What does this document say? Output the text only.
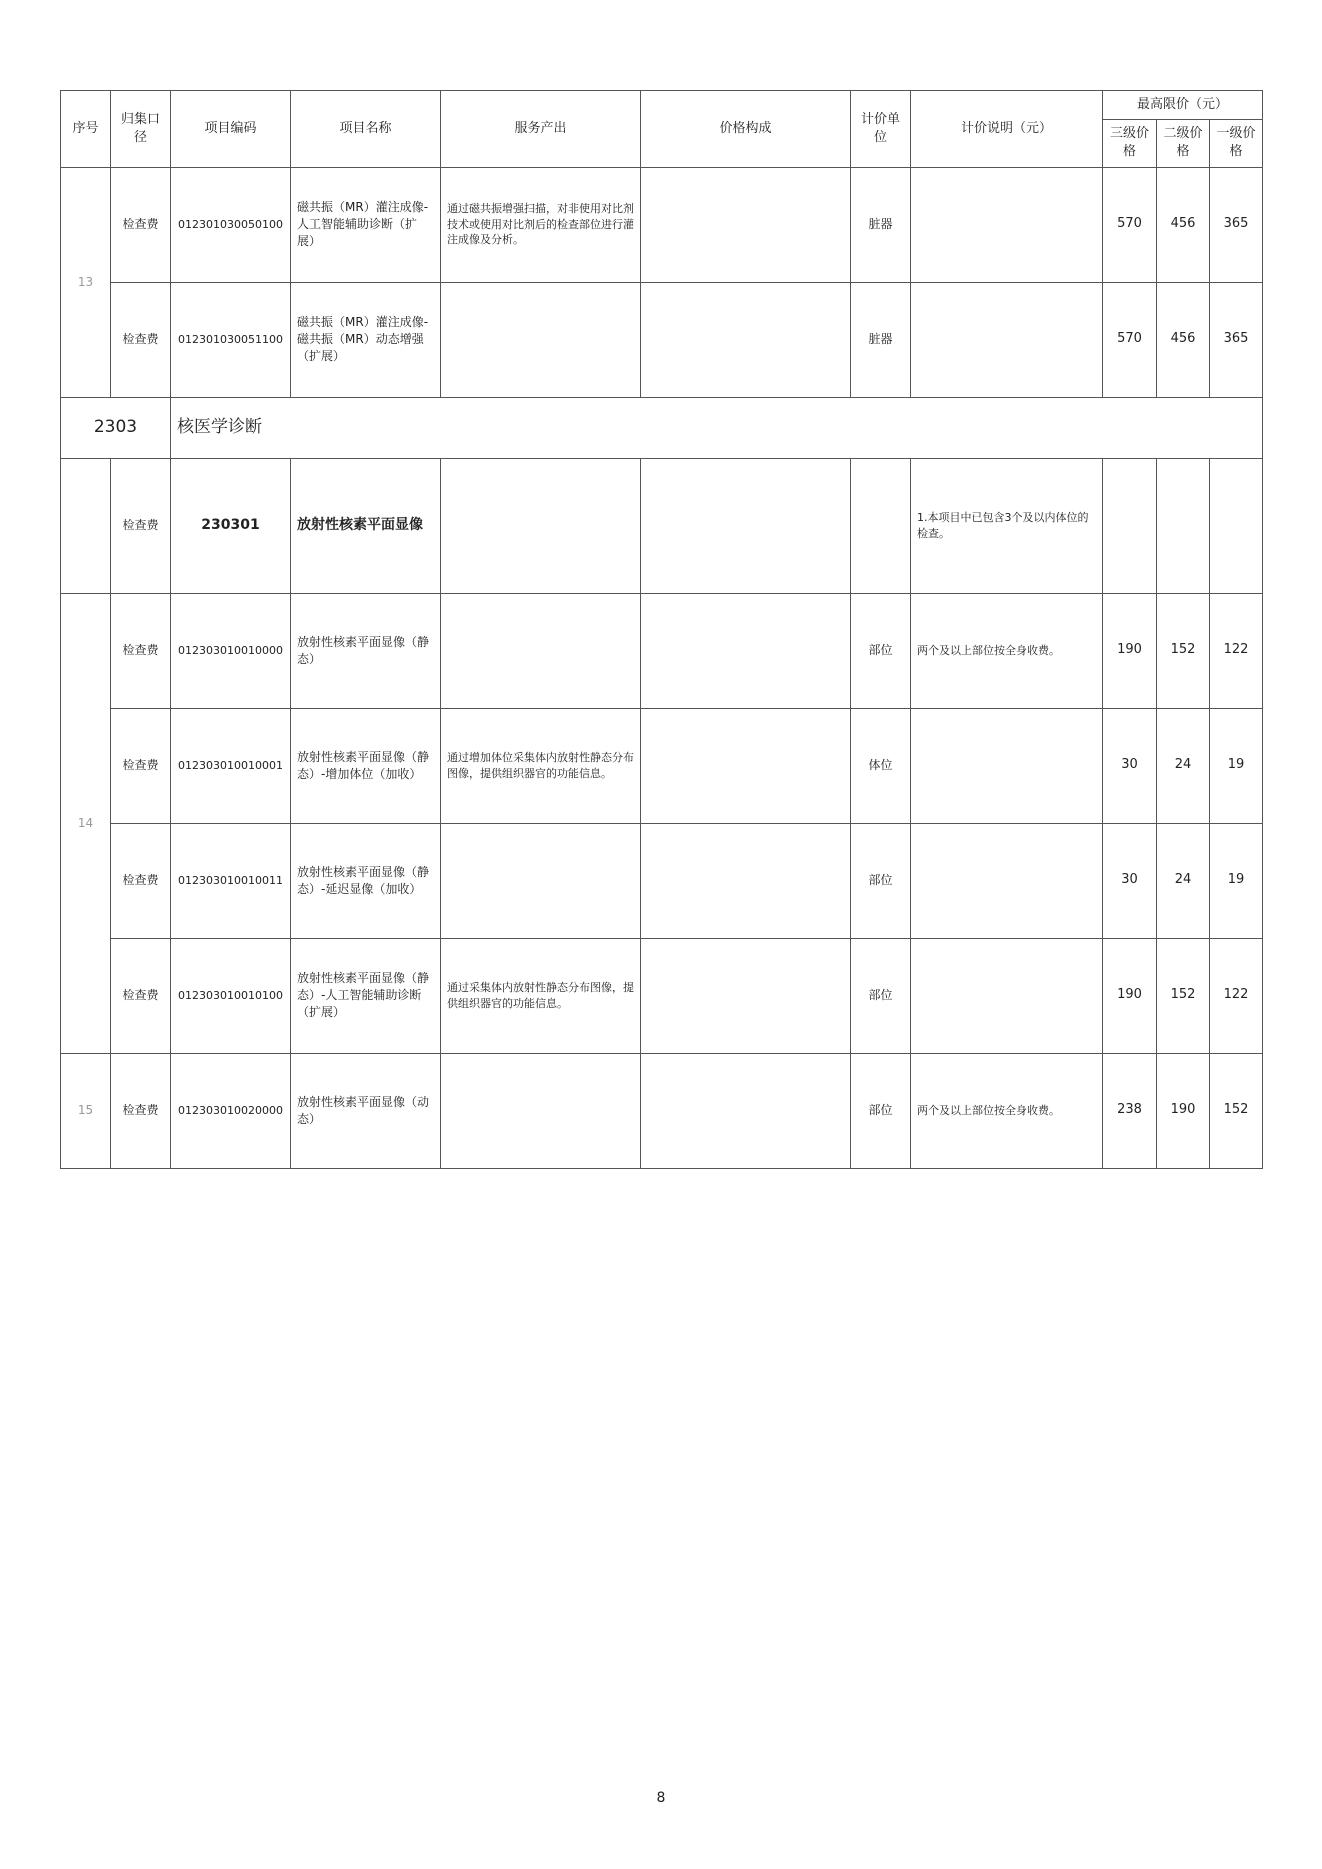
序号	归集口径	项目编码	项目名称	服务产出	价格构成	计价单位	计价说明（元）	最高限价（元）		
								三级价格	二级价格	一级价格
13	检查费	012301030050100	磁共振（MR）灌注成像-人工智能辅助诊断（扩展）	通过磁共振增强扫描，对非使用对比剂技术或使用对比剂后的检查部位进行灌注成像及分析。		脏器		570	456	365
	检查费	012301030051100	磁共振（MR）灌注成像-磁共振（MR）动态增强（扩展）			脏器		570	456	365
2303		核医学诊断								
	检查费	230301	放射性核素平面显像				1.本项目中已包含3个及以内体位的检查。			

14	检查费	012303010010000	放射性核素平面显像（静态）			部位	两个及以上部位按全身收费。	190	152	122
	检查费	012303010010001	放射性核素平面显像（静态）-增加体位（加收）	通过增加体位采集体内放射性静态分布图像，提供组织器官的功能信息。		体位		30	24	19
	检查费	012303010010011	放射性核素平面显像（静态）-延迟显像（加收）			部位		30	24	19
	检查费	012303010010100	放射性核素平面显像（静态）-人工智能辅助诊断（扩展）	通过采集体内放射性静态分布图像，提供组织器官的功能信息。		部位		190	152	122
15	检查费	012303010020000	放射性核素平面显像（动态）			部位	两个及以上部位按全身收费。	238	190	152
8
